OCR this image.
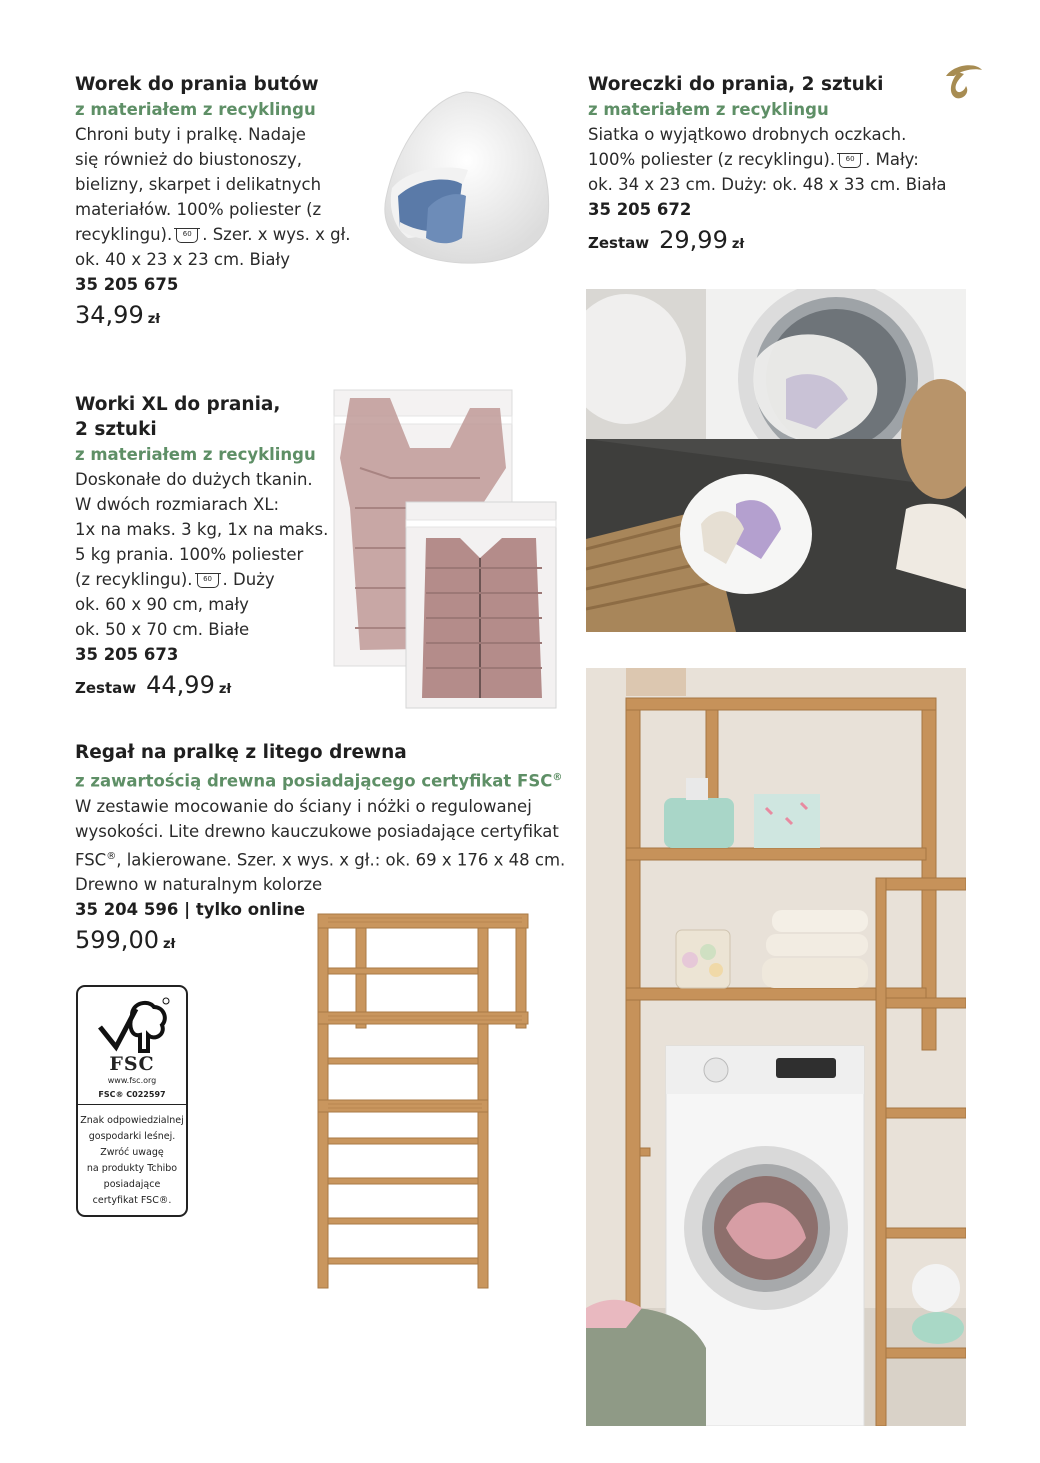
Worek do prania butów
z materiałem z recyklingu
Chroni buty i pralkę. Nadaje
się również do biustonoszy,
bielizny, skarpet i delikatnych
materiałów. 100% poliester (z
recyklingu). 60 . Szer. x wys. x gł.
ok. 40 x 23 x 23 cm. Biały
35 205 675
34,99 zł
Woreczki do prania, 2 sztuki
z materiałem z recyklingu
Siatka o wyjątkowo drobnych oczkach.
100% poliester (z recyklingu). 60 . Mały:
ok. 34 x 23 cm. Duży: ok. 48 x 33 cm. Biała
35 205 672
Zestaw 29,99 zł
Worki XL do prania,
2 sztuki
z materiałem z recyklingu
Doskonałe do dużych tkanin.
W dwóch rozmiarach XL:
1x na maks. 3 kg, 1x na maks.
5 kg prania. 100% poliester
(z recyklingu). 60 . Duży
ok. 60 x 90 cm, mały
ok. 50 x 70 cm. Białe
35 205 673
Zestaw 44,99 zł
Regał na pralkę z litego drewna
z zawartością drewna posiadającego certyfikat FSC®
W zestawie mocowanie do ściany i nóżki o regulowanej
wysokości. Lite drewno kauczukowe posiadające certyfikat
FSC®, lakierowane. Szer. x wys. x gł.: ok. 69 x 176 x 48 cm.
Drewno w naturalnym kolorze
35 204 596 | tylko online
599,00 zł
FSC
www.fsc.org
FSC® C022597
Znak odpowiedzialnej
gospodarki leśnej.
Zwróć uwagę
na produkty Tchibo
posiadające
certyfikat FSC®.
